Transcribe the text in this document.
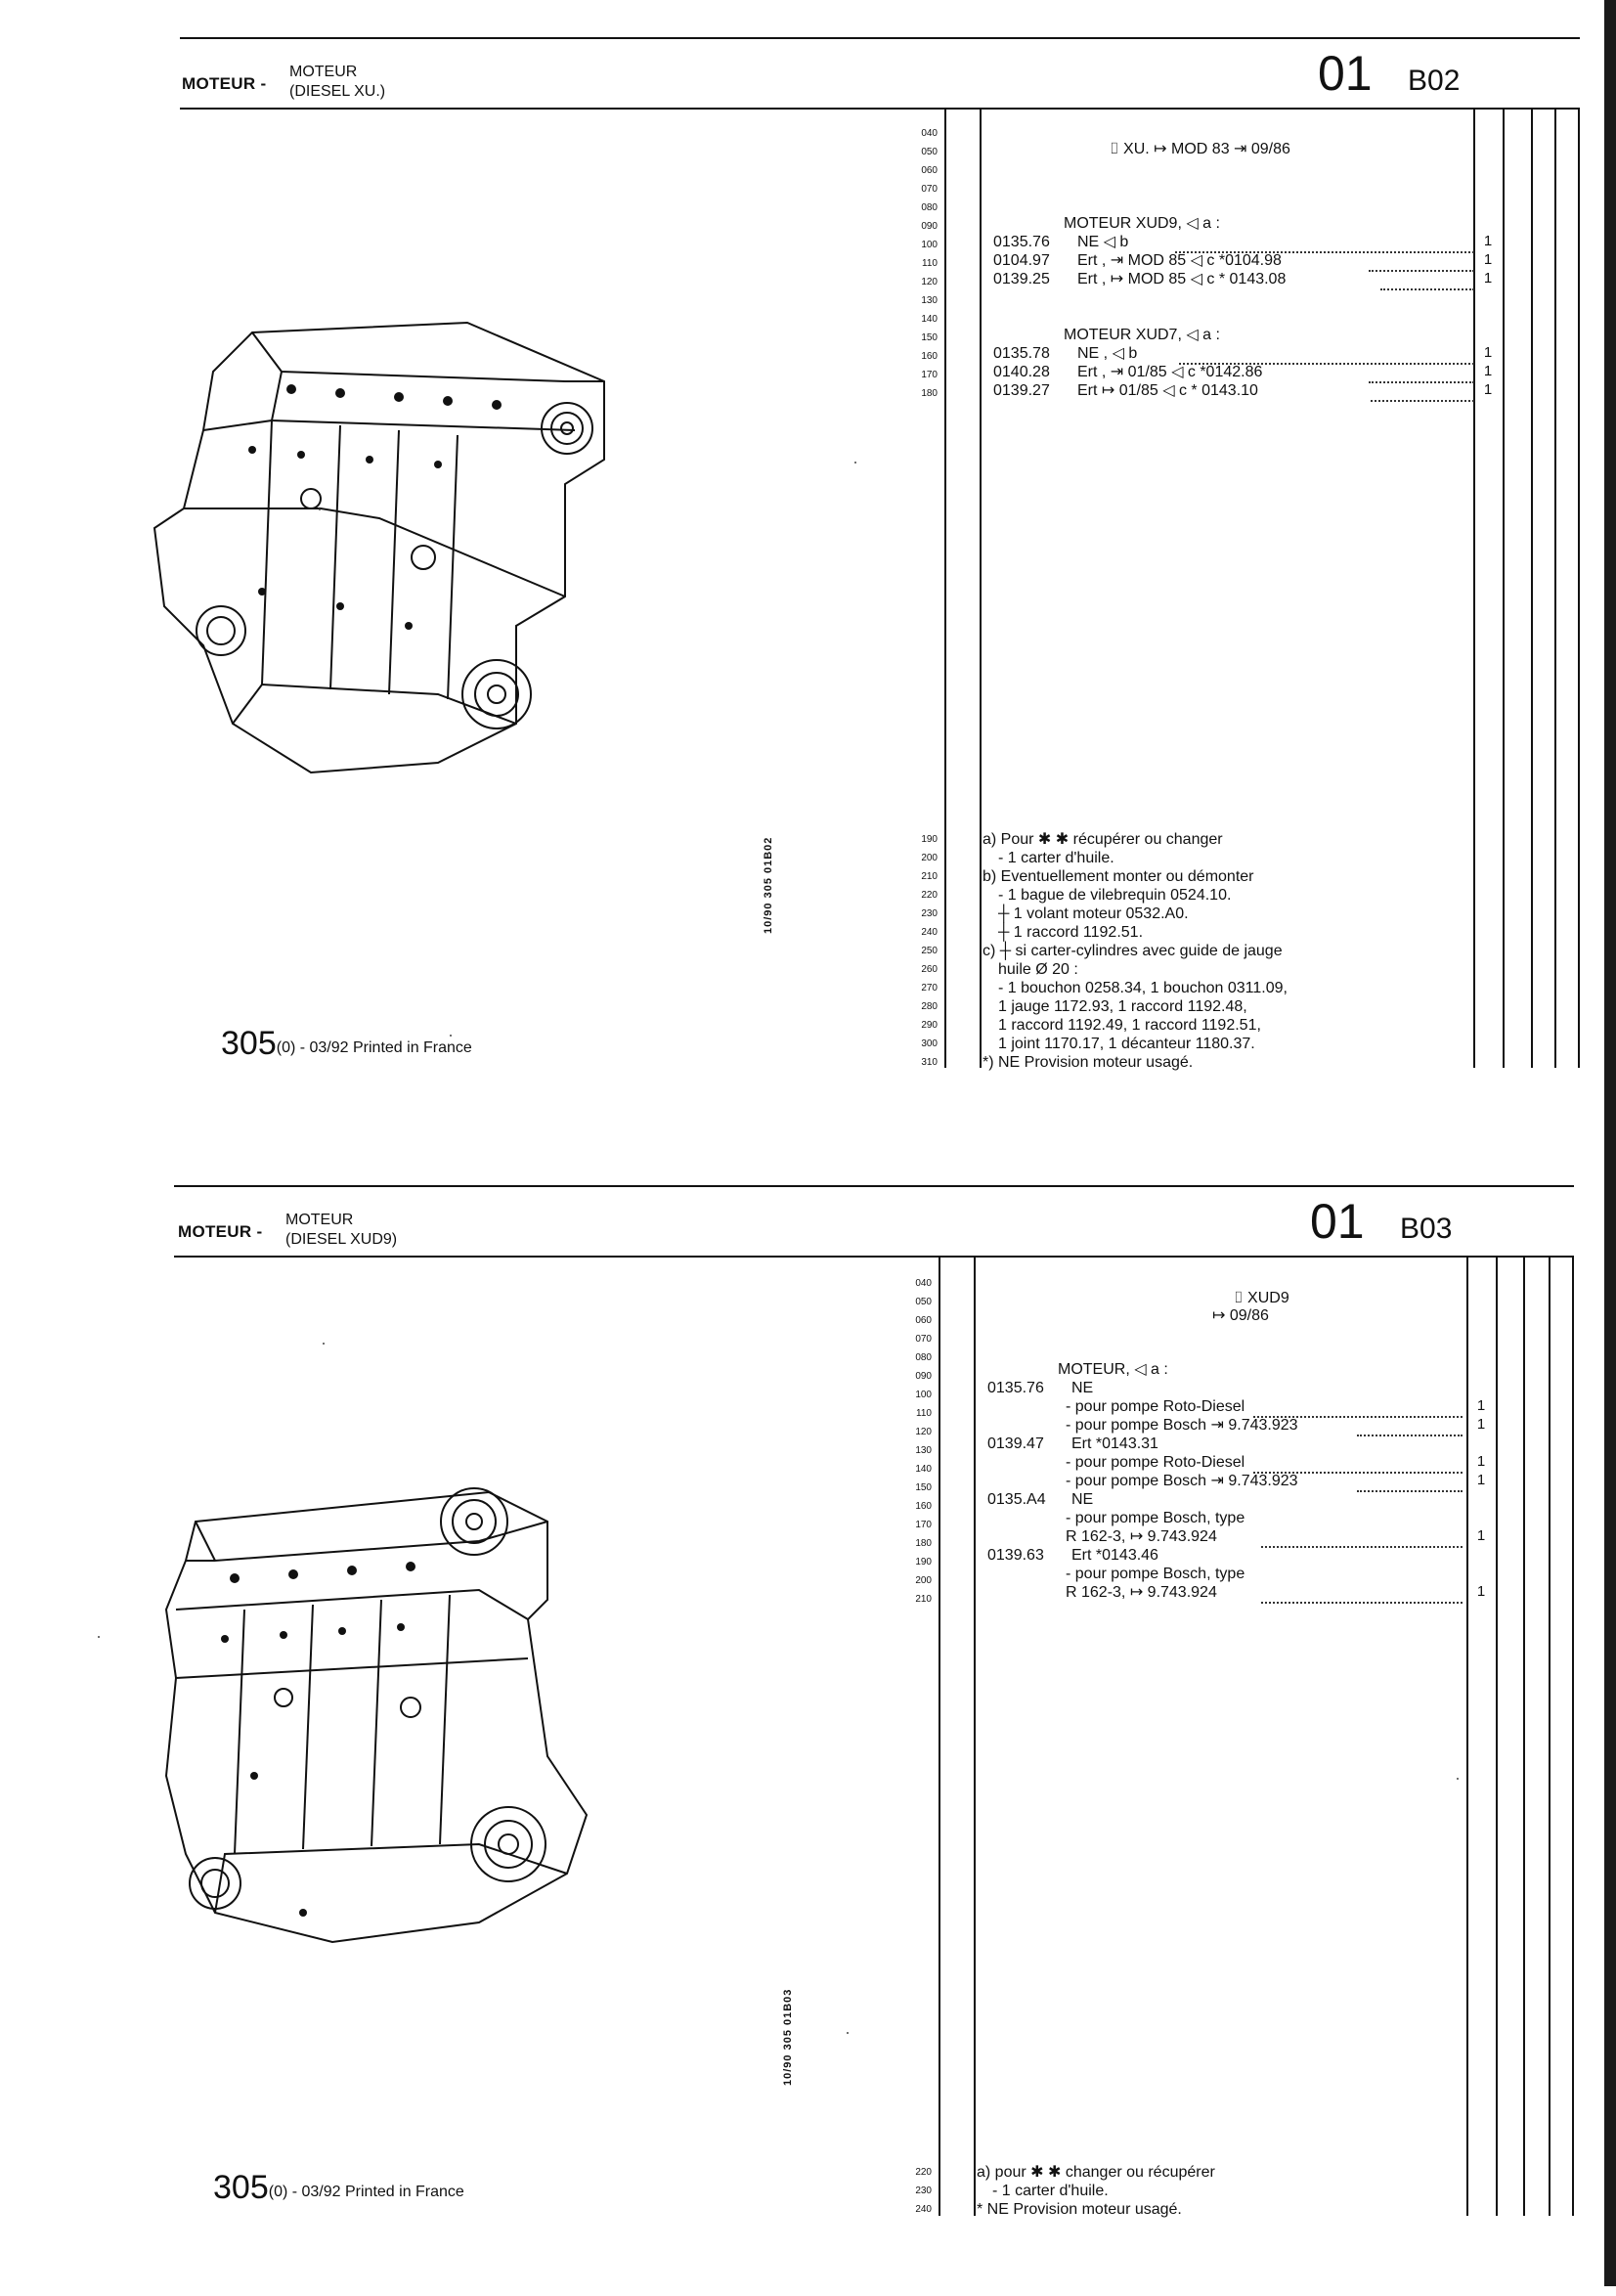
MOTEUR -
MOTEUR
(DIESEL XU.)	01 B02
305(0) - 03/92 Printed in France
10/90 305 01B02
040
050
060
070
080
090
100
110
120
130
140
150
160
170
180
190
200
210
220
230
240
250
260
270
280
290
300
310
⌷ XU. ↦ MOD 83 ⇥ 09/86
MOTEUR XUD9, ◁ a :
0135.76 NE ◁ b
0104.97 Ert , ⇥ MOD 85 ◁ c *0104.98
0139.25 Ert , ↦ MOD 85 ◁ c * 0143.08
MOTEUR XUD7, ◁ a :
0135.78 NE , ◁ b
0140.28 Ert , ⇥ 01/85 ◁ c *0142.86
0139.27 Ert ↦ 01/85 ◁ c * 0143.10
1
1
1
1
1
1
a) Pour ✱ ✱ récupérer ou changer
- 1 carter d'huile.
b) Eventuellement monter ou démonter
- 1 bague de vilebrequin 0524.10.
┼ 1 volant moteur 0532.A0.
┼ 1 raccord 1192.51.
c) ┼ si carter-cylindres avec guide de jauge
huile Ø 20 :
- 1 bouchon 0258.34, 1 bouchon 0311.09,
1 jauge 1172.93, 1 raccord 1192.48,
1 raccord 1192.49, 1 raccord 1192.51,
1 joint 1170.17, 1 décanteur 1180.37.
*) NE Provision moteur usagé.
MOTEUR -
MOTEUR
(DIESEL XUD9)	01 B03
305(0) - 03/92 Printed in France
10/90 305 01B03
040
050
060
070
080
090
100
110
120
130
140
150
160
170
180
190
200
210
220
230
240
⌷ XUD9
↦ 09/86
MOTEUR, ◁ a :
0135.76 NE
- pour pompe Roto-Diesel
- pour pompe Bosch ⇥ 9.743.923
0139.47 Ert *0143.31
- pour pompe Roto-Diesel
- pour pompe Bosch ⇥ 9.743.923
0135.A4 NE
- pour pompe Bosch, type
R 162-3, ↦ 9.743.924
0139.63 Ert *0143.46
- pour pompe Bosch, type
R 162-3, ↦ 9.743.924
1
1
1
1
1
1
a) pour ✱ ✱ changer ou récupérer
- 1 carter d'huile.
* NE Provision moteur usagé.
